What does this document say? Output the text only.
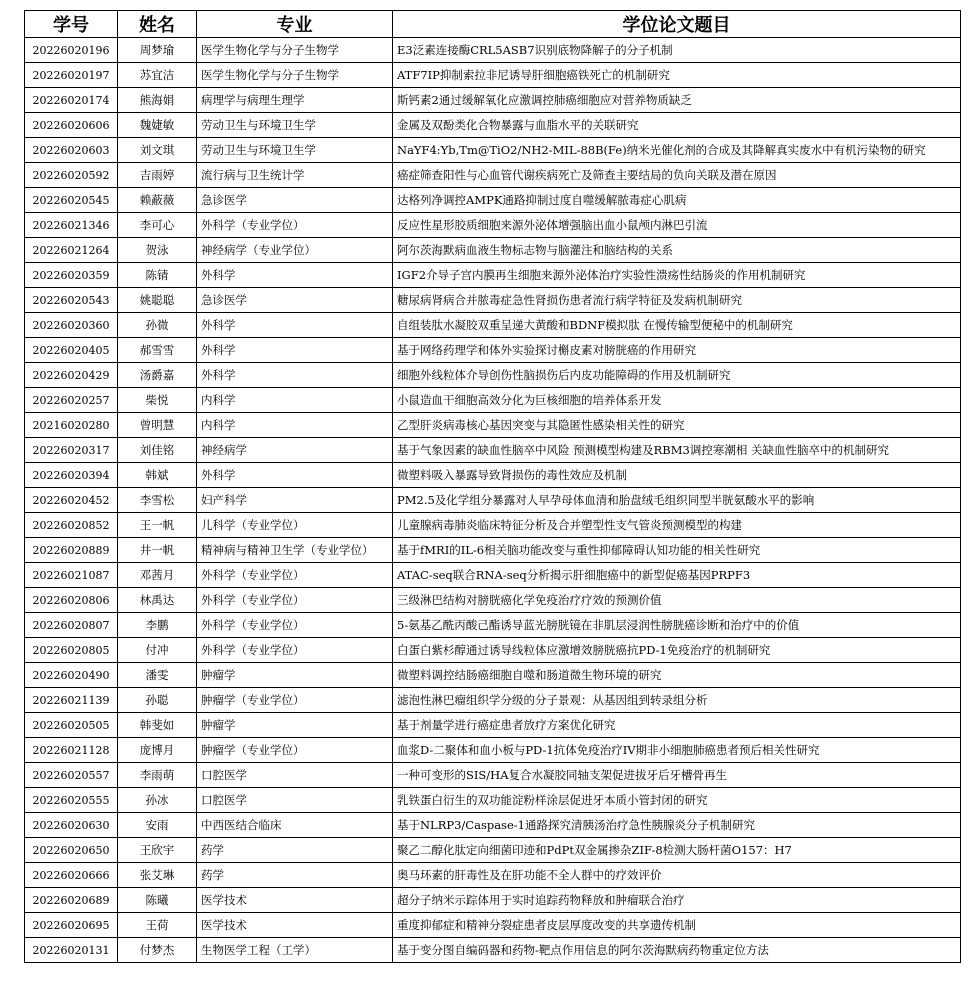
学号	姓名	专业	学位论文题目
20226020196	周梦瑜	医学生物化学与分子生物学	E3泛素连接酶CRL5ASB7识别底物降解子的分子机制
20226020197	苏宜洁	医学生物化学与分子生物学	ATF7IP抑制索拉非尼诱导肝细胞癌铁死亡的机制研究
20226020174	熊海娟	病理学与病理生理学	斯钙素2通过缓解氧化应激调控肺癌细胞应对营养物质缺乏
20226020606	魏婕敏	劳动卫生与环境卫生学	金属及双酚类化合物暴露与血脂水平的关联研究
20226020603	刘文琪	劳动卫生与环境卫生学	NaYF4:Yb,Tm@TiO2/NH2-MIL-88B(Fe)纳米光催化剂的合成及其降解真实废水中有机污染物的研究
20226020592	吉雨婷	流行病与卫生统计学	癌症筛查阳性与心血管代谢疾病死亡及筛查主要结局的负向关联及潜在原因
20226020545	赖蔽薇	急诊医学	达格列净调控AMPK通路抑制过度自噬缓解脓毒症心肌病
20226021346	李可心	外科学（专业学位）	反应性星形胶质细胞来源外泌体增强脑出血小鼠颅内淋巴引流
20226021264	贺泳	神经病学（专业学位）	阿尔茨海默病血液生物标志物与脑灌注和脑结构的关系
20226020359	陈锖	外科学	IGF2介导子宫内膜再生细胞来源外泌体治疗实验性溃疡性结肠炎的作用机制研究
20226020543	姚聪聪	急诊医学	糖尿病肾病合并脓毒症急性肾损伤患者流行病学特征及发病机制研究
20226020360	孙微	外科学	自组装肽水凝胶双重呈递大黄酸和BDNF模拟肽 在慢传输型便秘中的机制研究
20226020405	郝雪雪	外科学	基于网络药理学和体外实验探讨槲皮素对膀胱癌的作用研究
20226020429	汤爵嘉	外科学	细胞外线粒体介导创伤性脑损伤后内皮功能障碍的作用及机制研究
20226020257	柴悦	内科学	小鼠造血干细胞高效分化为巨核细胞的培养体系开发
20216020280	曾明慧	内科学	乙型肝炎病毒核心基因突变与其隐匿性感染相关性的研究
20226020317	刘佳铭	神经病学	基于气象因素的缺血性脑卒中风险 预测模型构建及RBM3调控寒潮相 关缺血性脑卒中的机制研究
20226020394	韩斌	外科学	微塑料吸入暴露导致肾损伤的毒性效应及机制
20226020452	李雪松	妇产科学	PM2.5及化学组分暴露对人早孕母体血清和胎盘绒毛组织同型半胱氨酸水平的影响
20226020852	王一帆	儿科学（专业学位）	儿童腺病毒肺炎临床特征分析及合并塑型性支气管炎预测模型的构建
20226020889	井一帆	精神病与精神卫生学（专业学位）	基于fMRI的IL-6相关脑功能改变与重性抑郁障碍认知功能的相关性研究
20226021087	邓茜月	外科学（专业学位）	ATAC-seq联合RNA-seq分析揭示肝细胞癌中的新型促癌基因PRPF3
20226020806	林禹达	外科学（专业学位）	三级淋巴结构对膀胱癌化学免疫治疗疗效的预测价值
20226020807	李鹏	外科学（专业学位）	5-氨基乙酰丙酸己酯诱导蓝光膀胱镜在非肌层浸润性膀胱癌诊断和治疗中的价值
20226020805	付冲	外科学（专业学位）	白蛋白紫杉醇通过诱导线粒体应激增效膀胱癌抗PD-1免疫治疗的机制研究
20226020490	潘雯	肿瘤学	微塑料调控结肠癌细胞自噬和肠道微生物环境的研究
20226021139	孙聪	肿瘤学（专业学位）	滤泡性淋巴瘤组织学分级的分子景观：从基因组到转录组分析
20226020505	韩斐如	肿瘤学	基于剂量学进行癌症患者放疗方案优化研究
20226021128	庞博月	肿瘤学（专业学位）	血浆D-二聚体和血小板与PD-1抗体免疫治疗IV期非小细胞肺癌患者预后相关性研究
20226020557	李雨萌	口腔医学	一种可变形的SIS/HA复合水凝胶同轴支架促进拔牙后牙槽骨再生
20226020555	孙冰	口腔医学	乳铁蛋白衍生的双功能淀粉样涂层促进牙本质小管封闭的研究
20226020630	安雨	中西医结合临床	基于NLRP3/Caspase-1通路探究清胰汤治疗急性胰腺炎分子机制研究
20226020650	王欣宇	药学	聚乙二醇化肽定向细菌印迹和PdPt双金属掺杂ZIF-8检测大肠杆菌O157：H7
20226020666	张艾琳	药学	奥马环素的肝毒性及在肝功能不全人群中的疗效评价
20226020689	陈曦	医学技术	超分子纳米示踪体用于实时追踪药物释放和肿瘤联合治疗
20226020695	王荷	医学技术	重度抑郁症和精神分裂症患者皮层厚度改变的共享遗传机制
20226020131	付梦杰	生物医学工程（工学）	基于变分图自编码器和药物-靶点作用信息的阿尔茨海默病药物重定位方法
